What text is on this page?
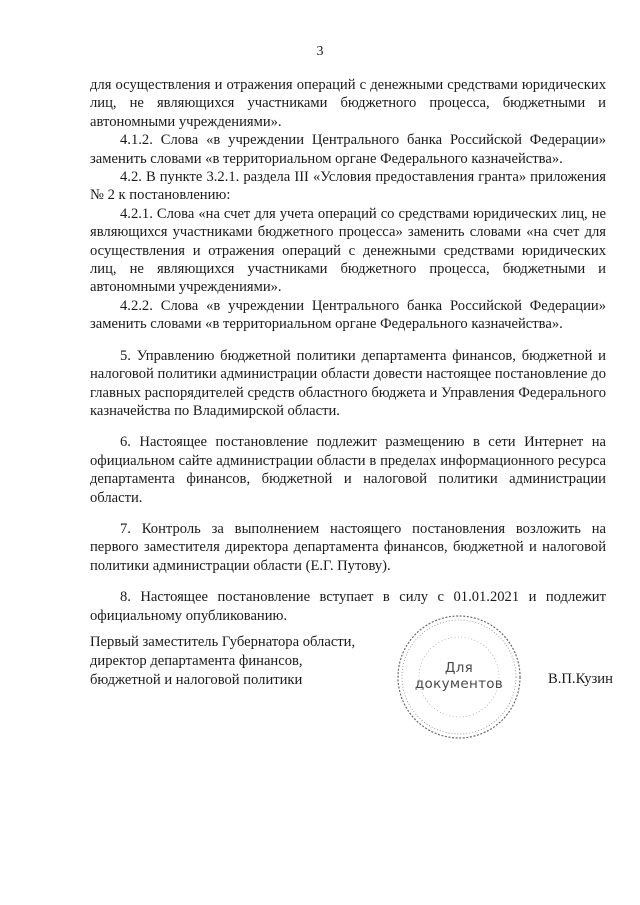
3

для осуществления и отражения операций с денежными средствами юридических лиц, не являющихся участниками бюджетного процесса, бюджетными и автономными учреждениями».

4.1.2. Слова «в учреждении Центрального банка Российской Федерации» заменить словами «в территориальном органе Федерального казначейства».

4.2. В пункте 3.2.1. раздела III «Условия предоставления гранта» приложения № 2 к постановлению:

4.2.1. Слова «на счет для учета операций со средствами юридических лиц, не являющихся участниками бюджетного процесса» заменить словами «на счет для осуществления и отражения операций с денежными средствами юридических лиц, не являющихся участниками бюджетного процесса, бюджетными и автономными учреждениями».

4.2.2. Слова «в учреждении Центрального банка Российской Федерации» заменить словами «в территориальном органе Федерального казначейства».

5. Управлению бюджетной политики департамента финансов, бюджетной и налоговой политики администрации области довести настоящее постановление до главных распорядителей средств областного бюджета и Управления Федерального казначейства по Владимирской области.

6. Настоящее постановление подлежит размещению в сети Интернет на официальном сайте администрации области в пределах информационного ресурса департамента финансов, бюджетной и налоговой политики администрации области.

7. Контроль за выполнением настоящего постановления возложить на первого заместителя директора департамента финансов, бюджетной и налоговой политики администрации области (Е.Г. Путову).

8. Настоящее постановление вступает в силу с 01.01.2021 и подлежит официальному опубликованию.

Первый заместитель Губернатора области,
директор департамента финансов,
бюджетной и налоговой политики
Для
документов	В.П.Кузин
